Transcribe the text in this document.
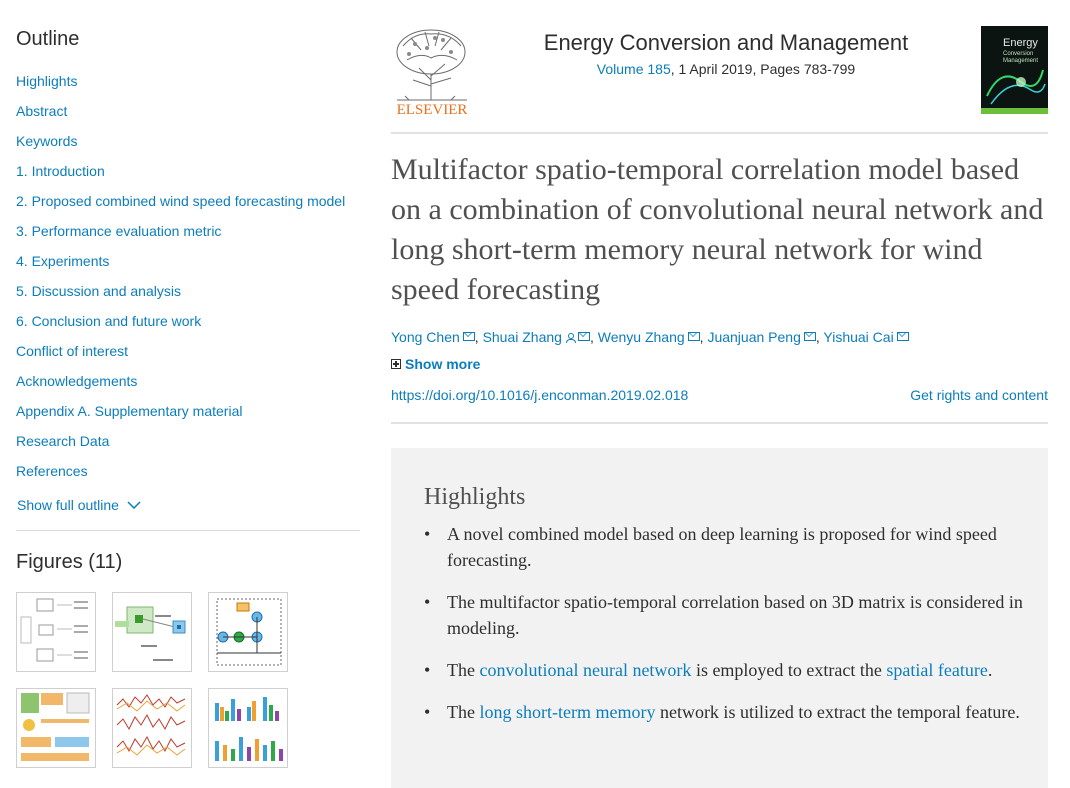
Outline
Highlights
Abstract
Keywords
1. Introduction
2. Proposed combined wind speed forecasting model
3. Performance evaluation metric
4. Experiments
5. Discussion and analysis
6. Conclusion and future work
Conflict of interest
Acknowledgements
Appendix A. Supplementary material
Research Data
References
Show full outline
Figures (11)
ELSEVIER
Energy Conversion and Management
Volume 185, 1 April 2019, Pages 783-799
Energy
Conversion
Management
Multifactor spatio-temporal correlation model based on a combination of convolutional neural network and long short-term memory neural network for wind speed forecasting
Yong Chen , Shuai Zhang , Wenyu Zhang , Juanjuan Peng , Yishuai Cai
Show more
https://doi.org/10.1016/j.enconman.2019.02.018	Get rights and content
Highlights
• A novel combined model based on deep learning is proposed for wind speed forecasting.
• The multifactor spatio-temporal correlation based on 3D matrix is considered in modeling.
• The convolutional neural network is employed to extract the spatial feature.
• The long short-term memory network is utilized to extract the temporal feature.
